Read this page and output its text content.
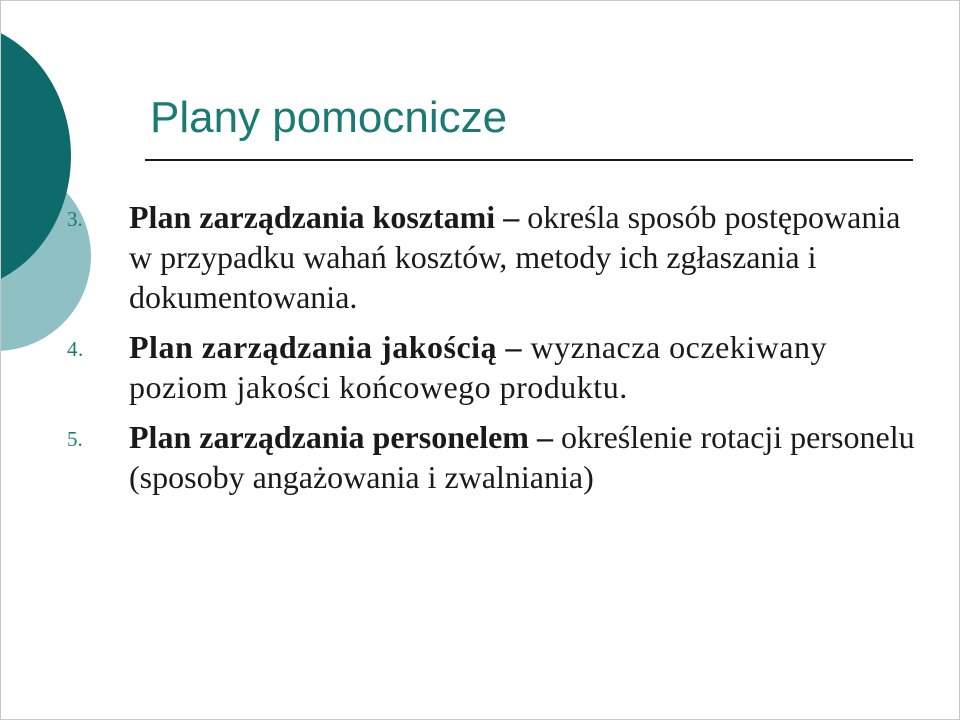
Plany pomocnicze
3. Plan zarządzania kosztami – określa sposób postępowania w przypadku wahań kosztów, metody ich zgłaszania i dokumentowania.
4. Plan zarządzania jakością – wyznacza oczekiwany poziom jakości końcowego produktu.
5. Plan zarządzania personelem – określenie rotacji personelu (sposoby angażowania i zwalniania)
